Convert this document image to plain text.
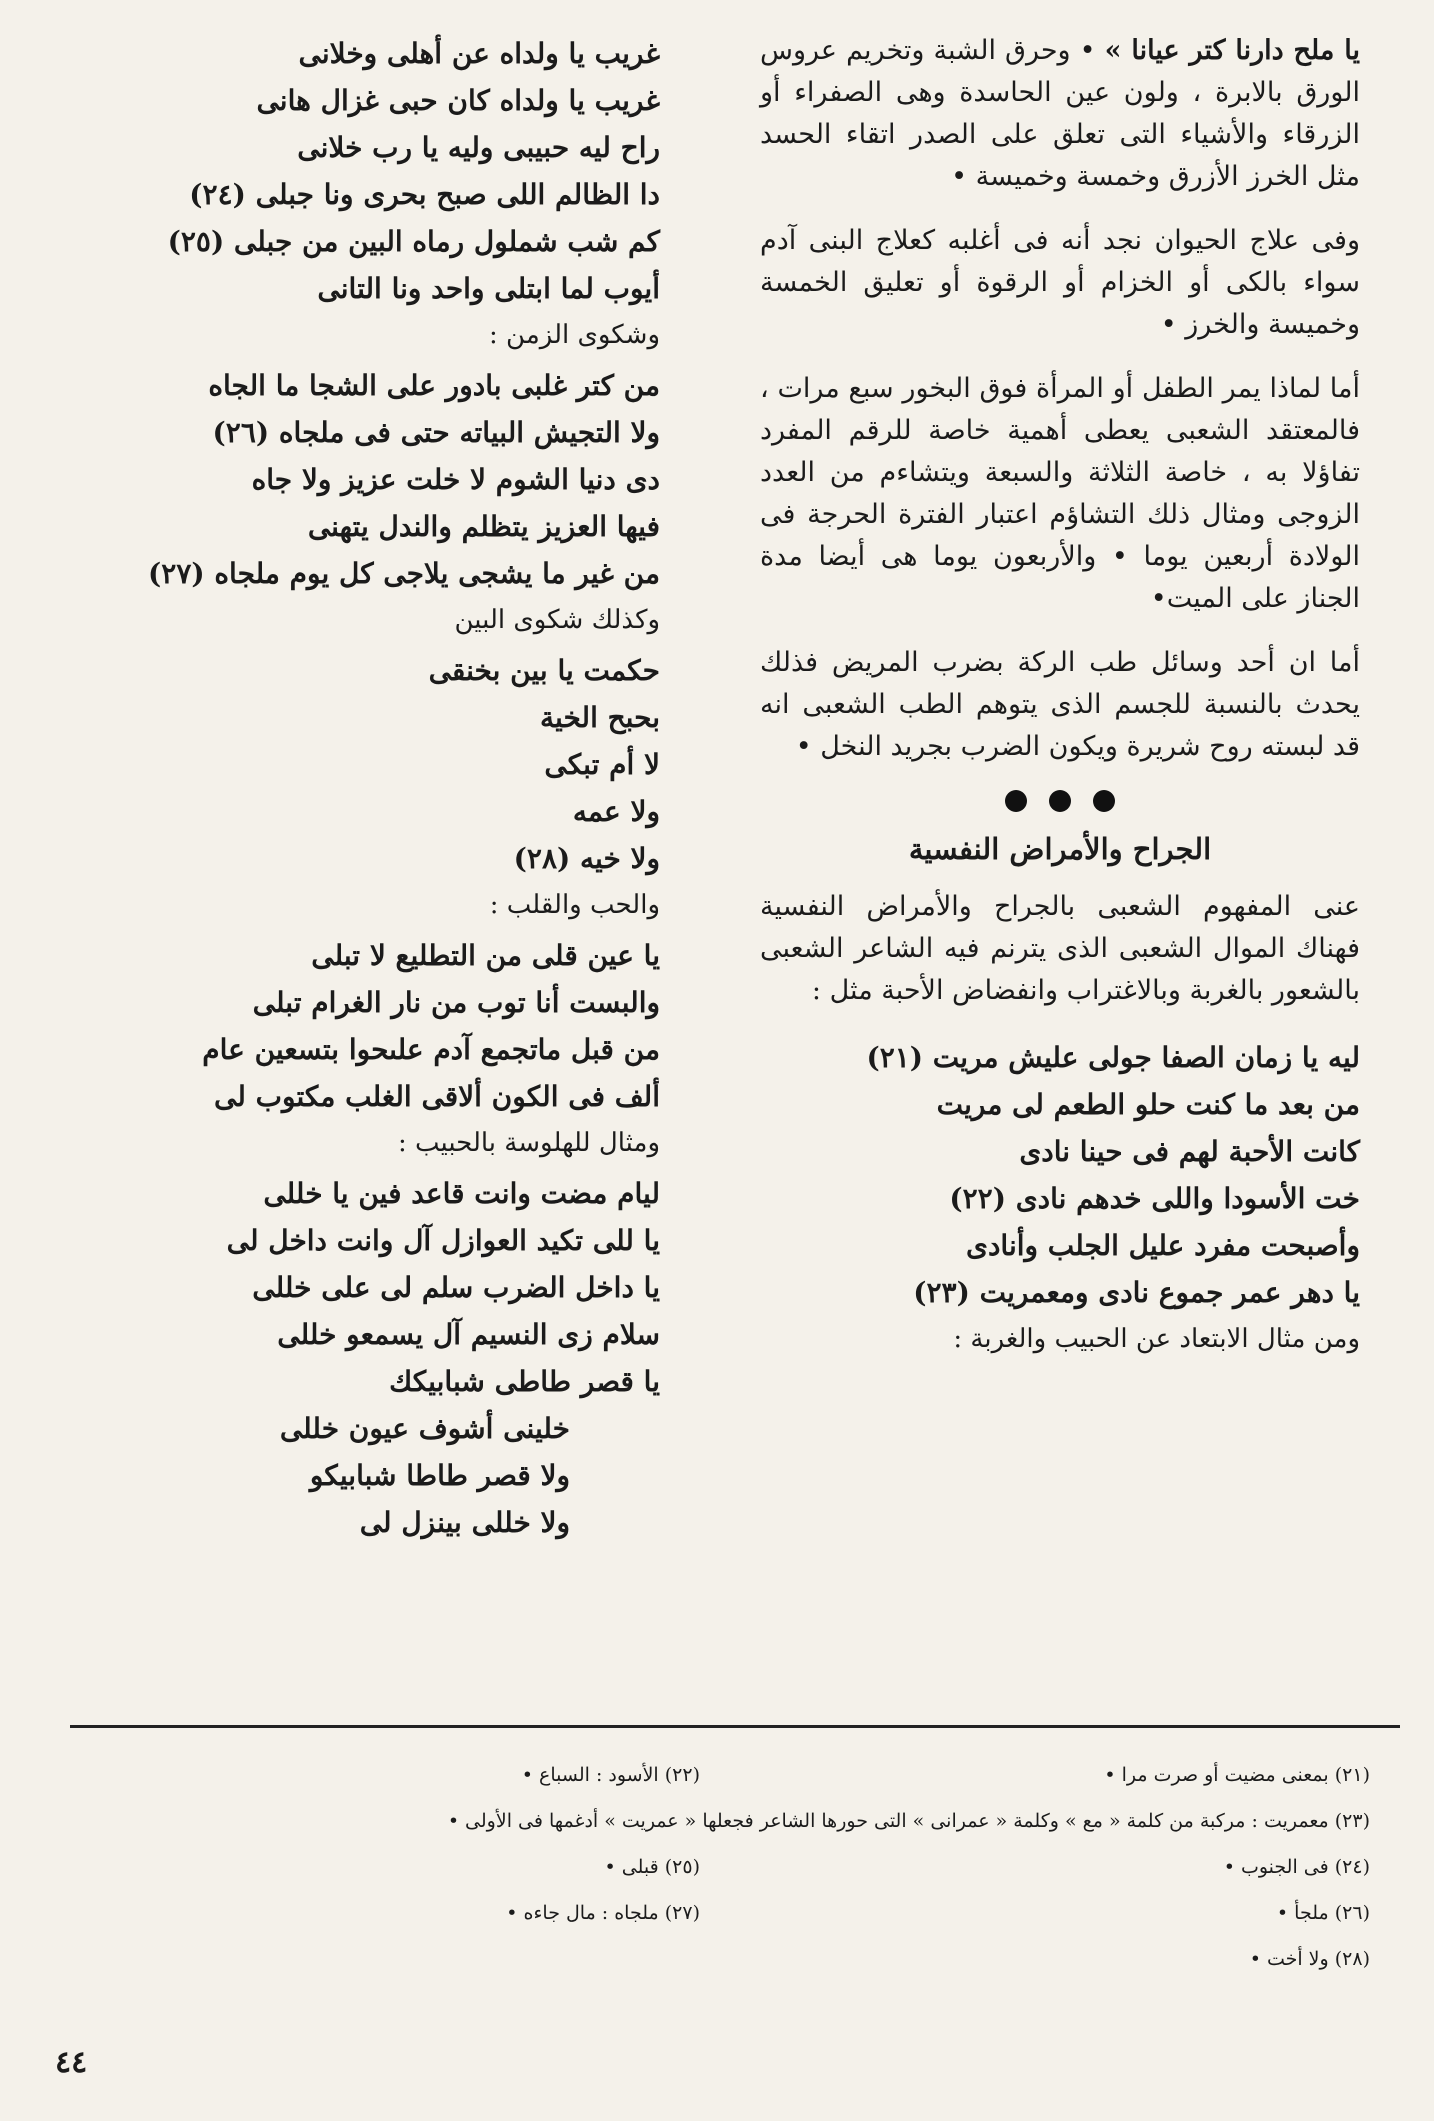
يا ملح دارنا كتر عيانا » • وحرق الشبة وتخريم عروس الورق بالابرة ، ولون عين الحاسدة وهى الصفراء أو الزرقاء والأشياء التى تعلق على الصدر اتقاء الحسد مثل الخرز الأزرق وخمسة وخميسة •

وفى علاج الحيوان نجد أنه فى أغلبه كعلاج البنى آدم سواء بالكى أو الخزام أو الرقوة أو تعليق الخمسة وخميسة والخرز •

أما لماذا يمر الطفل أو المرأة فوق البخور سبع مرات ، فالمعتقد الشعبى يعطى أهمية خاصة للرقم المفرد تفاؤلا به ، خاصة الثلاثة والسبعة ويتشاءم من العدد الزوجى ومثال ذلك التشاؤم اعتبار الفترة الحرجة فى الولادة أربعين يوما • والأربعون يوما هى أيضا مدة الجناز على الميت•

أما ان أحد وسائل طب الركة بضرب المريض فذلك يحدث بالنسبة للجسم الذى يتوهم الطب الشعبى انه قد لبسته روح شريرة ويكون الضرب بجريد النخل •

الجراح والأمراض النفسية

عنى المفهوم الشعبى بالجراح والأمراض النفسية فهناك الموال الشعبى الذى يترنم فيه الشاعر الشعبى بالشعور بالغربة وبالاغتراب وانفضاض الأحبة مثل :

ليه يا زمان الصفا جولى عليش مريت (٢١)

من بعد ما كنت حلو الطعم لى مريت

كانت الأحبة لهم فى حينا نادى

خت الأسودا واللى خدهم نادى (٢٢)

وأصبحت مفرد عليل الجلب وأنادى

يا دهر عمر جموع نادى ومعمريت (٢٣)

ومن مثال الابتعاد عن الحبيب والغربة :

غريب يا ولداه عن أهلى وخلانى

غريب يا ولداه كان حبى غزال هانى

راح ليه حبيبى وليه يا رب خلانى

دا الظالم اللى صبح بحرى ونا جبلى (٢٤)

كم شب شملول رماه البين من جبلى (٢٥)

أيوب لما ابتلى واحد ونا التانى

وشكوى الزمن :

من كتر غلبى بادور على الشجا ما الجاه

ولا التجيش البياته حتى فى ملجاه (٢٦)

دى دنيا الشوم لا خلت عزيز ولا جاه

فيها العزيز يتظلم والندل يتهنى

من غير ما يشجى يلاجى كل يوم ملجاه (٢٧)

وكذلك شكوى البين

حكمت يا بين بخنقى

بحبح الخية

لا أم تبكى

ولا عمه

ولا خيه (٢٨)

والحب والقلب :

يا عين قلى من التطليع لا تبلى

والبست أنا توب من نار الغرام تبلى

من قبل ماتجمع آدم علىحوا بتسعين عام

ألف فى الكون ألاقى الغلب مكتوب لى

ومثال للهلوسة بالحبيب :

ليام مضت وانت قاعد فين يا خللى

يا للى تكيد العوازل آل وانت داخل لى

يا داخل الضرب سلم لى على خللى

سلام زى النسيم آل يسمعو خللى

يا قصر طاطى شبابيكك

خلينى أشوف عيون خللى

ولا قصر طاطا شبابيكو

ولا خللى بينزل لى

(٢١) بمعنى مضيت أو صرت مرا •
(٢٢) الأسود : السباع •
(٢٣) معمريت : مركبة من كلمة « مع » وكلمة « عمرانى » التى حورها الشاعر فجعلها « عمريت » أدغمها فى الأولى •
(٢٤) فى الجنوب •
(٢٥) قبلى •
(٢٦) ملجأ •
(٢٧) ملجاه : مال جاءه •
(٢٨) ولا أخت •
٤٤
